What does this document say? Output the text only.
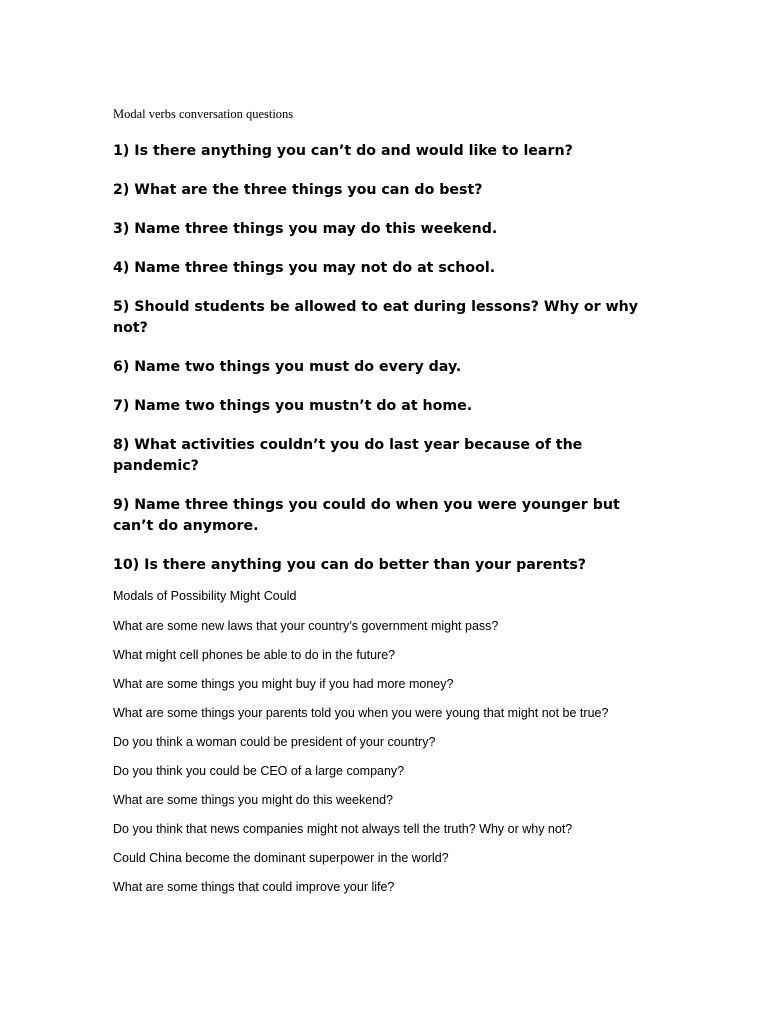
Modal verbs conversation questions
1) Is there anything you can’t do and would like to learn?
2) What are the three things you can do best?
3) Name three things you may do this weekend.
4) Name three things you may not do at school.
5) Should students be allowed to eat during lessons? Why or why
not?
6) Name two things you must do every day.
7) Name two things you mustn’t do at home.
8) What activities couldn’t you do last year because of the
pandemic?
9) Name three things you could do when you were younger but
can’t do anymore.
10) Is there anything you can do better than your parents?
Modals of Possibility Might Could
What are some new laws that your country’s government might pass?
What might cell phones be able to do in the future?
What are some things you might buy if you had more money?
What are some things your parents told you when you were young that might not be true?
Do you think a woman could be president of your country?
Do you think you could be CEO of a large company?
What are some things you might do this weekend?
Do you think that news companies might not always tell the truth? Why or why not?
Could China become the dominant superpower in the world?
What are some things that could improve your life?
